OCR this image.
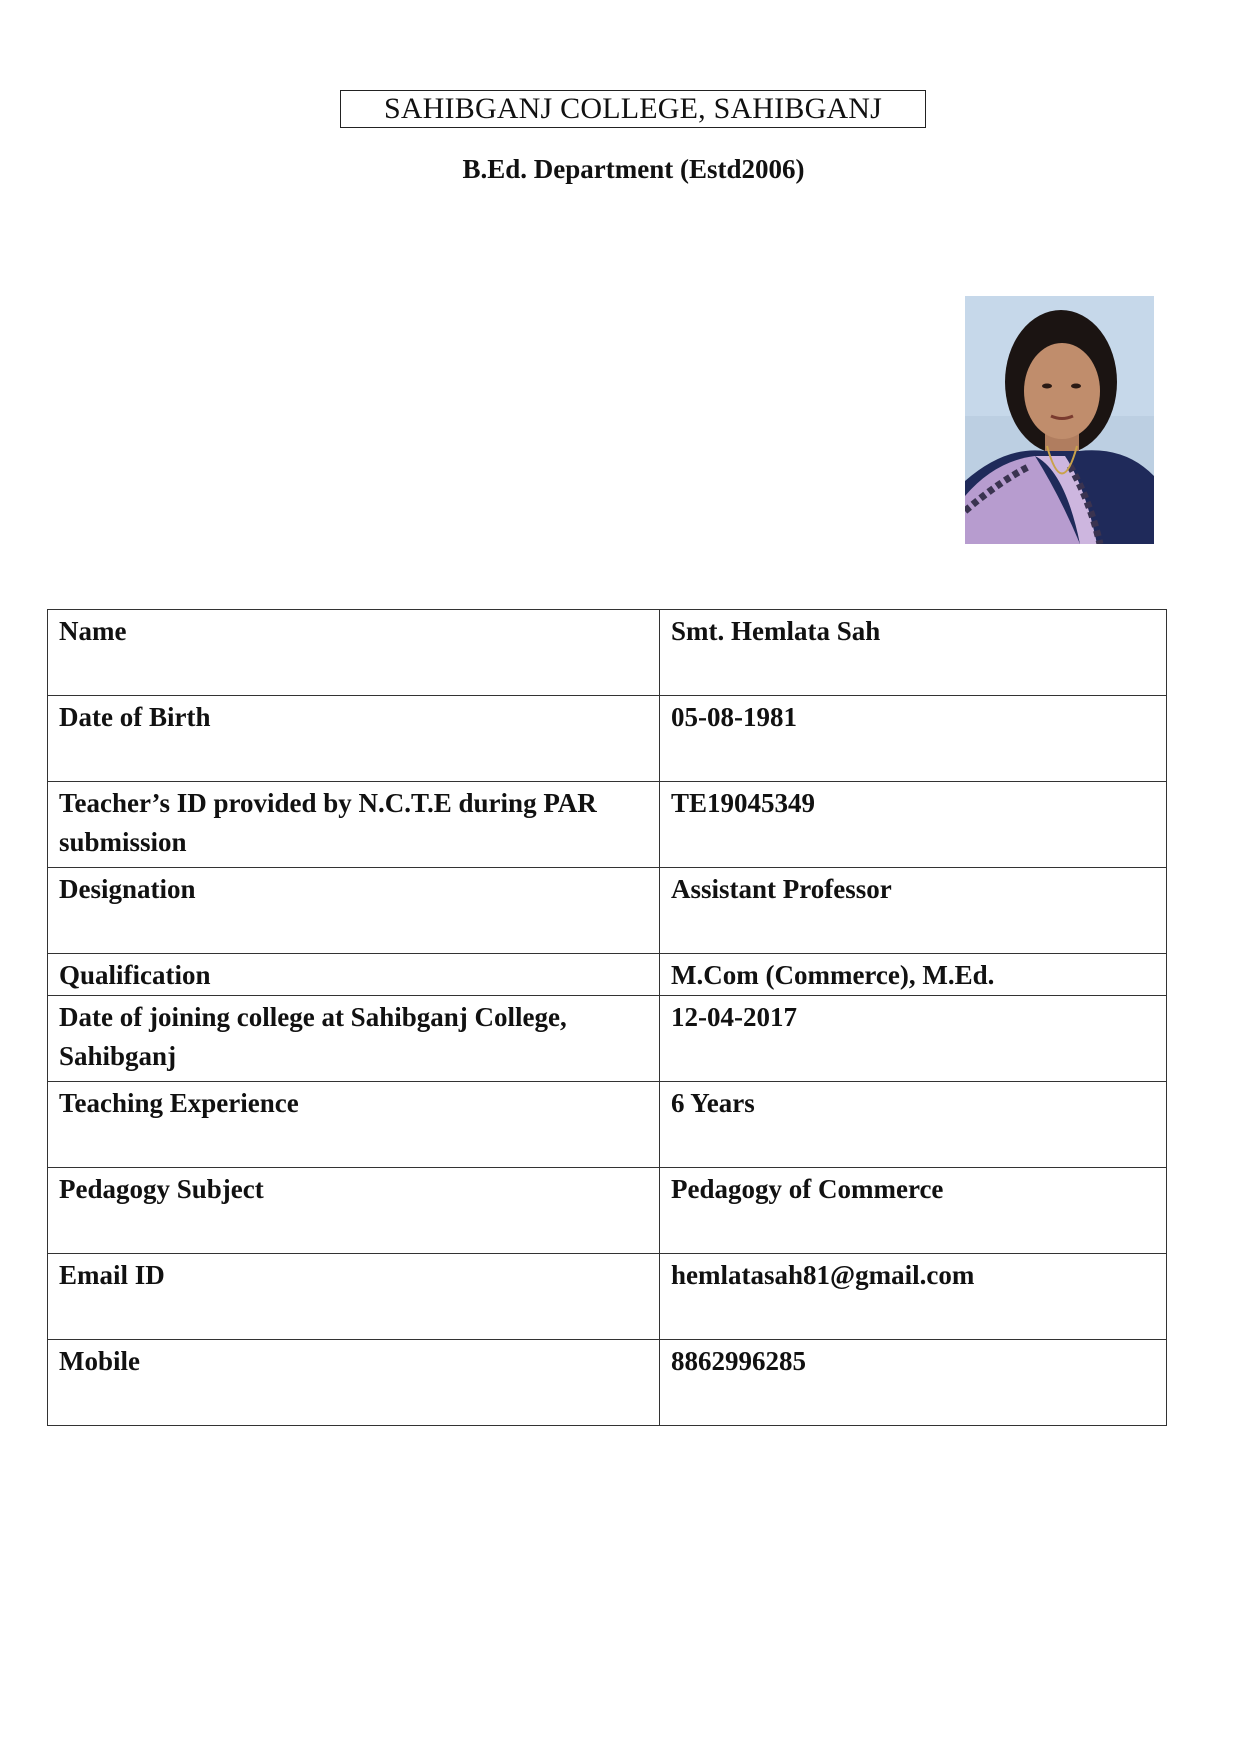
SAHIBGANJ COLLEGE, SAHIBGANJ
B.Ed. Department (Estd2006)
Name	Smt. Hemlata Sah
Date of Birth	05-08-1981
Teacher’s ID provided by N.C.T.E during PAR submission	TE19045349
Designation	Assistant Professor
Qualification	M.Com (Commerce), M.Ed.
Date of joining college at Sahibganj College, Sahibganj	12-04-2017
Teaching Experience	6 Years
Pedagogy Subject	Pedagogy of Commerce
Email ID	hemlatasah81@gmail.com
Mobile	8862996285
